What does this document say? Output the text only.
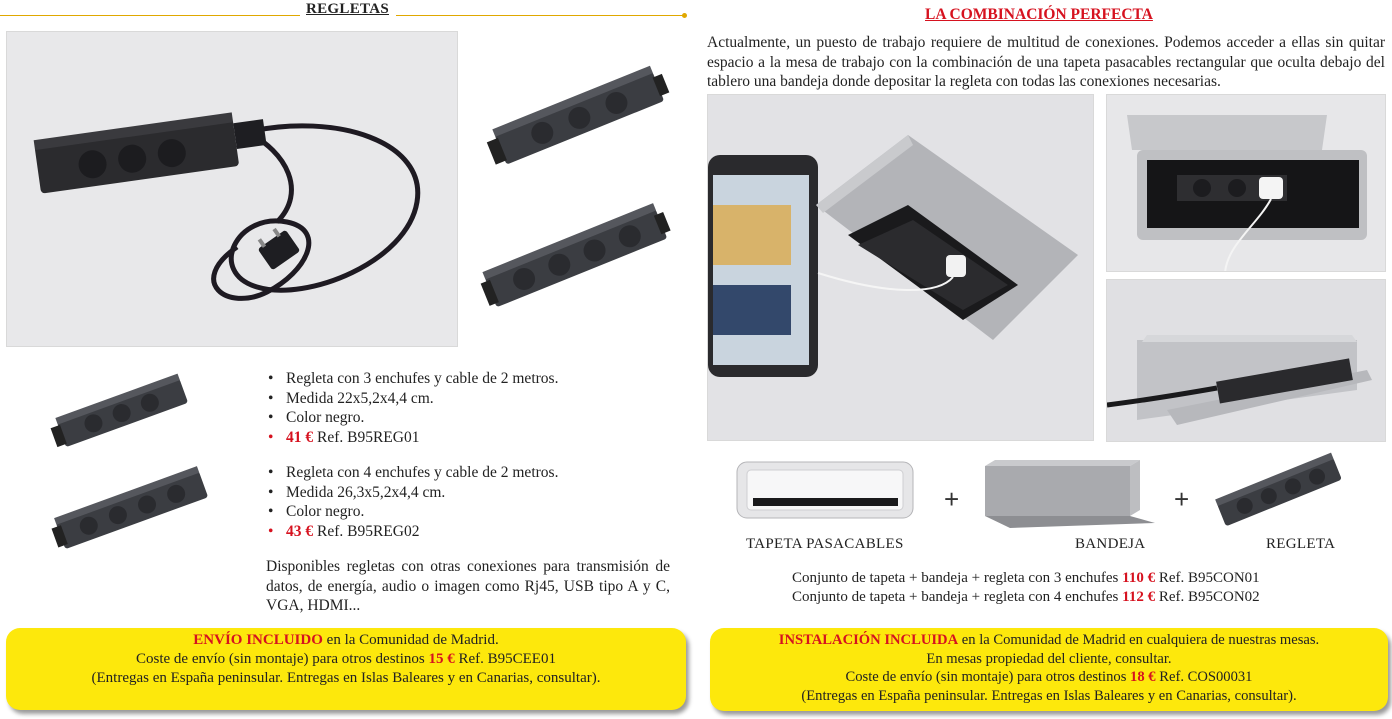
REGLETAS
• Regleta con 3 enchufes y cable de 2 metros.
• Medida 22x5,2x4,4 cm.
• Color negro.
• 41 € Ref. B95REG01
• Regleta con 4 enchufes y cable de 2 metros.
• Medida 26,3x5,2x4,4 cm.
• Color negro.
• 43 € Ref. B95REG02
Disponibles regletas con otras conexiones para transmisión de datos, de energía, audio o imagen como Rj45, USB tipo A y C, VGA, HDMI...
ENVÍO INCLUIDO en la Comunidad de Madrid.
Coste de envío (sin montaje) para otros destinos 15 € Ref. B95CEE01
(Entregas en España peninsular. Entregas en Islas Baleares y en Canarias, consultar).
LA COMBINACIÓN PERFECTA
Actualmente, un puesto de trabajo requiere de multitud de conexiones. Podemos acceder a ellas sin quitar espacio a la mesa de trabajo con la combinación de una tapeta pasacables rectangular que oculta debajo del tablero una bandeja donde depositar la regleta con todas las conexiones necesarias.
+	+
TAPETA PASACABLES	BANDEJA	REGLETA
Conjunto de tapeta + bandeja + regleta con 3 enchufes 110 € Ref. B95CON01
Conjunto de tapeta + bandeja + regleta con 4 enchufes 112 € Ref. B95CON02
INSTALACIÓN INCLUIDA en la Comunidad de Madrid en cualquiera de nuestras mesas.
En mesas propiedad del cliente, consultar.
Coste de envío (sin montaje) para otros destinos 18 € Ref. COS00031
(Entregas en España peninsular. Entregas en Islas Baleares y en Canarias, consultar).
